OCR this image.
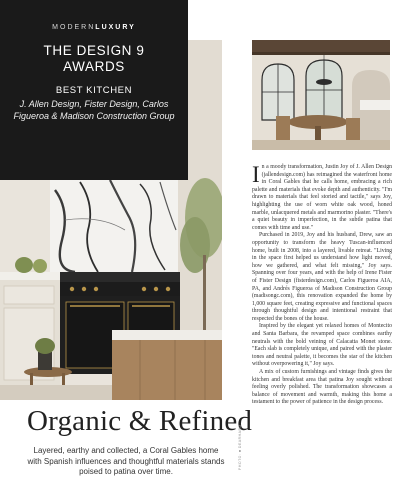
MODERNLUXURY
THE DESIGN 9
AWARDS
BEST KITCHEN
J. Allen Design, Fister Design, Carlos Figueroa & Madison Construction Group

In a moody transformation, Justin Joy of J. Allen Design (jallendesign.com) has reimagined the waterfront home in Coral Gables that he calls home, embracing a rich palette and materials that evoke depth and authenticity. "I'm drawn to materials that feel storied and tactile," says Joy, highlighting the use of worn white oak wood, honed marble, unlacquered metals and marmorino plaster. "There's a quiet beauty in imperfection, in the subtle patina that comes with time and use."

Purchased in 2019, Joy and his husband, Drew, saw an opportunity to transform the heavy Tuscan-influenced home, built in 2008, into a layered, livable retreat. "Living in the space first helped us understand how light moved, how we gathered, and what felt missing," Joy says. Spanning over four years, and with the help of Irene Fister of Fister Design (fisterdesign.com), Carlos Figueroa AIA, PA, and Andrés Figueroa of Madison Construction Group (madisongc.com), this renovation expanded the home by 1,000 square feet, creating expressive and functional spaces through thoughtful design and intentional restraint that respected the bones of the house.

Inspired by the elegant yet relaxed homes of Montecito and Santa Barbara, the revamped space combines earthy neutrals with the bold veining of Calacatta Monet stone. "Each slab is completely unique, and paired with the plaster tones and neutral palette, it becomes the star of the kitchen without overpowering it," Joy says.

A mix of custom furnishings and vintage finds gives the kitchen and breakfast area that patina Joy sought without feeling overly polished. The transformation showcases a balance of movement and warmth, making this home a testament to the power of patience in the design process.

Organic & Refined
Layered, earthy and collected, a Coral Gables home with Spanish influences and thoughtful materials stands poised to patina over time.
PHOTO: ■ DEARHARD
